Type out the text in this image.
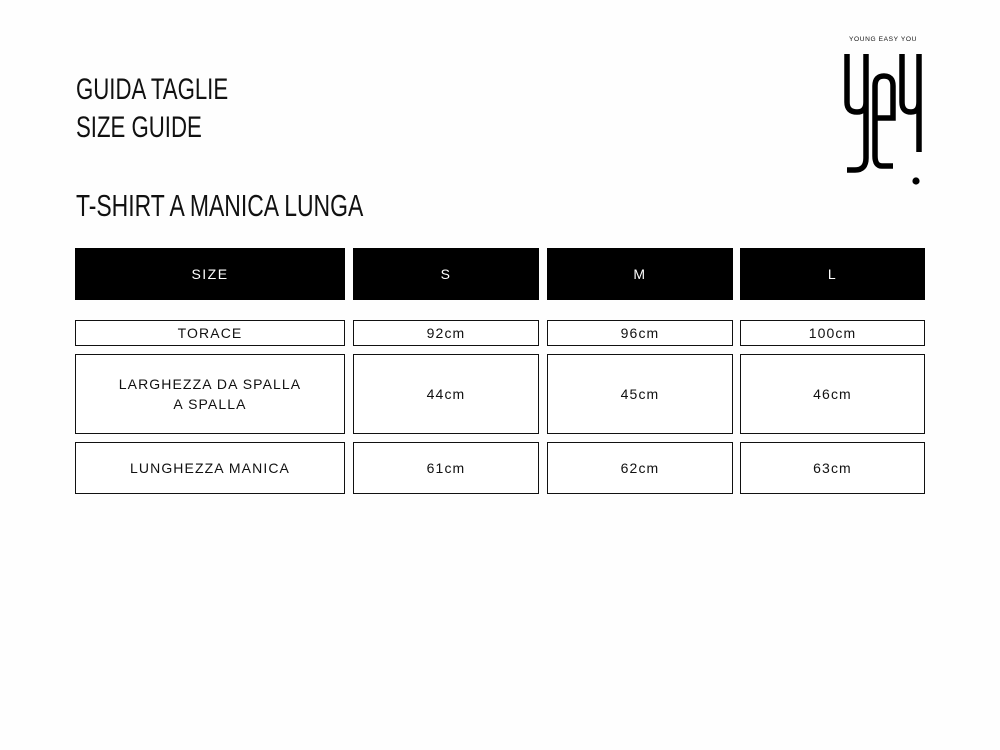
GUIDA TAGLIE
SIZE GUIDE
T-SHIRT A MANICA LUNGA
YOUNG EASY YOU
SIZE	S	M	L
TORACE	92cm	96cm	100cm
LARGHEZZA DA SPALLA
A SPALLA
44cm	45cm	46cm
LUNGHEZZA MANICA	61cm	62cm	63cm
